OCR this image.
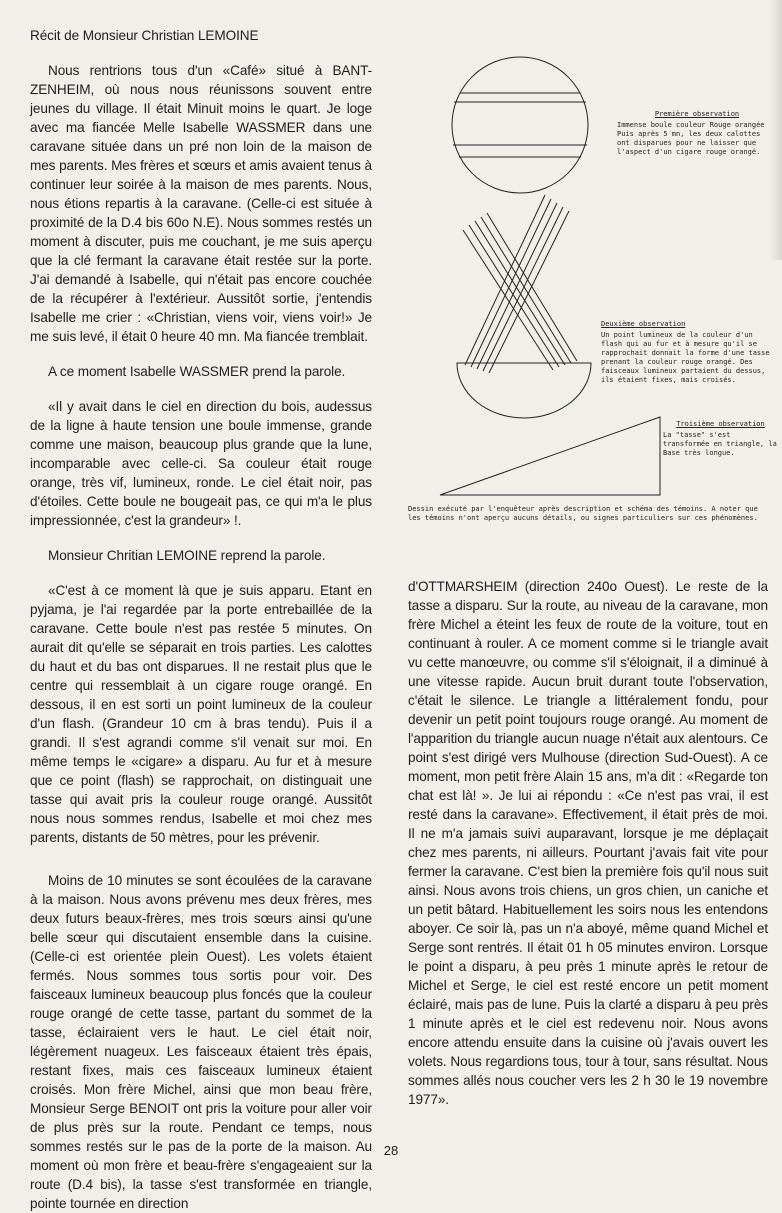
Récit de Monsieur Christian LEMOINE

Nous rentrions tous d'un «Café» situé à BANT-ZENHEIM, où nous nous réunissons souvent entre jeunes du village. Il était Minuit moins le quart. Je loge avec ma fiancée Melle Isabelle WASSMER dans une caravane située dans un pré non loin de la maison de mes parents. Mes frères et sœurs et amis avaient tenus à continuer leur soirée à la maison de mes parents. Nous, nous étions repartis à la caravane. (Celle-ci est située à proximité de la D.4 bis 60o N.E). Nous sommes restés un moment à discuter, puis me couchant, je me suis aperçu que la clé fermant la caravane était restée sur la porte. J'ai demandé à Isabelle, qui n'était pas encore couchée de la récupérer à l'extérieur. Aussitôt sortie, j'entendis Isabelle me crier : «Christian, viens voir, viens voir!» Je me suis levé, il était 0 heure 40 mn. Ma fiancée tremblait.

A ce moment Isabelle WASSMER prend la parole.

«Il y avait dans le ciel en direction du bois, audessus de la ligne à haute tension une boule immense, grande comme une maison, beaucoup plus grande que la lune, incomparable avec celle-ci. Sa couleur était rouge orange, très vif, lumineux, ronde. Le ciel était noir, pas d'étoiles. Cette boule ne bougeait pas, ce qui m'a le plus impressionnée, c'est la grandeur» !.

Monsieur Chritian LEMOINE reprend la parole.

«C'est à ce moment là que je suis apparu. Etant en pyjama, je l'ai regardée par la porte entrebaillée de la caravane. Cette boule n'est pas restée 5 minutes. On aurait dit qu'elle se séparait en trois parties. Les calottes du haut et du bas ont disparues. Il ne restait plus que le centre qui ressemblait à un cigare rouge orangé. En dessous, il en est sorti un point lumineux de la couleur d'un flash. (Grandeur 10 cm à bras tendu). Puis il a grandi. Il s'est agrandi comme s'il venait sur moi. En même temps le «cigare» a disparu. Au fur et à mesure que ce point (flash) se rapprochait, on distinguait une tasse qui avait pris la couleur rouge orangé. Aussitôt nous nous sommes rendus, Isabelle et moi chez mes parents, distants de 50 mètres, pour les prévenir.

Moins de 10 minutes se sont écoulées de la caravane à la maison. Nous avons prévenu mes deux frères, mes deux futurs beaux-frères, mes trois sœurs ainsi qu'une belle sœur qui discutaient ensemble dans la cuisine. (Celle-ci est orientée plein Ouest). Les volets étaient fermés. Nous sommes tous sortis pour voir. Des faisceaux lumineux beaucoup plus foncés que la couleur rouge orangé de cette tasse, partant du sommet de la tasse, éclairaient vers le haut. Le ciel était noir, légèrement nuageux. Les faisceaux étaient très épais, restant fixes, mais ces faisceaux lumineux étaient croisés. Mon frère Michel, ainsi que mon beau frère, Monsieur Serge BENOIT ont pris la voiture pour aller voir de plus près sur la route. Pendant ce temps, nous sommes restés sur le pas de la porte de la maison. Au moment où mon frère et beau-frère s'engageaient sur la route (D.4 bis), la tasse s'est transformée en triangle, pointe tournée en direction

Première observation
Immense boule couleur Rouge orangée Puis après 5 mn, les deux calottes ont disparues pour ne laisser que l'aspect d'un cigare rouge orangé.
Deuxième observation
Un point lumineux de la couleur d'un flash qui au fur et à mesure qu'il se rapprochait donnait la forme d'une tasse prenant la couleur rouge orangé. Des faisceaux lumineux partaient du dessus, ils étaient fixes, mais croisés.
Troisième observation
La "tasse" s'est transformée en triangle, la Base très longue.
Dessin exécuté par l'enquêteur après description et schéma des témoins. A noter que les témoins n'ont aperçu aucuns détails, ou signes particuliers sur ces phénomènes.

d'OTTMARSHEIM (direction 240o Ouest). Le reste de la tasse a disparu. Sur la route, au niveau de la caravane, mon frère Michel a éteint les feux de route de la voiture, tout en continuant à rouler. A ce moment comme si le triangle avait vu cette manœuvre, ou comme s'il s'éloignait, il a diminué à une vitesse rapide. Aucun bruit durant toute l'observation, c'était le silence. Le triangle a littéralement fondu, pour devenir un petit point toujours rouge orangé. Au moment de l'apparition du triangle aucun nuage n'était aux alentours. Ce point s'est dirigé vers Mulhouse (direction Sud-Ouest). A ce moment, mon petit frère Alain 15 ans, m'a dit : «Regarde ton chat est là! ». Je lui ai répondu : «Ce n'est pas vrai, il est resté dans la caravane». Effectivement, il était près de moi. Il ne m'a jamais suivi auparavant, lorsque je me déplaçait chez mes parents, ni ailleurs. Pourtant j'avais fait vite pour fermer la caravane. C'est bien la première fois qu'il nous suit ainsi. Nous avons trois chiens, un gros chien, un caniche et un petit bâtard. Habituellement les soirs nous les entendons aboyer. Ce soir là, pas un n'a aboyé, même quand Michel et Serge sont rentrés. Il était 01 h 05 minutes environ. Lorsque le point a disparu, à peu près 1 minute après le retour de Michel et Serge, le ciel est resté encore un petit moment éclairé, mais pas de lune. Puis la clarté a disparu à peu près 1 minute après et le ciel est redevenu noir. Nous avons encore attendu ensuite dans la cuisine où j'avais ouvert les volets. Nous regardions tous, tour à tour, sans résultat. Nous sommes allés nous coucher vers les 2 h 30 le 19 novembre 1977».

28
